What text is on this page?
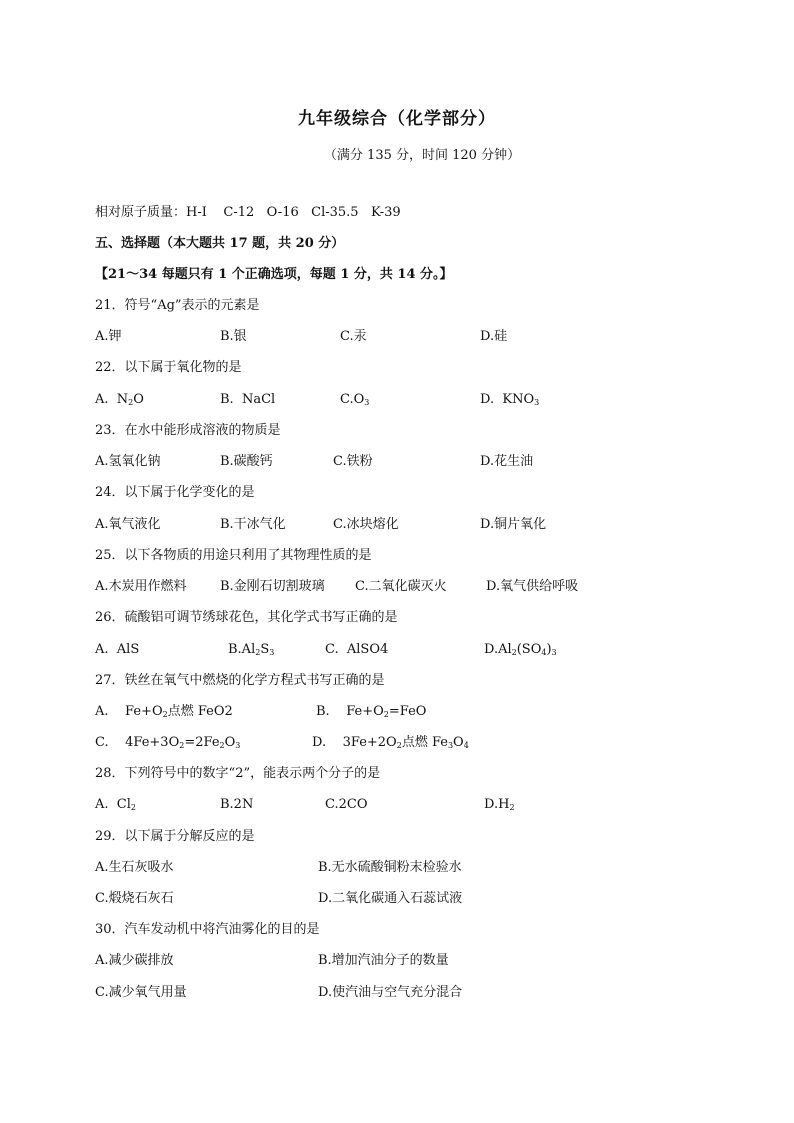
九年级综合（化学部分）
（满分 135 分，时间 120 分钟）
相对原子质量：H-I    C-12   O-16   Cl-35.5   K-39
五、选择题（本大题共 17 题，共 20 分）
【21～34 每题只有 1 个正确选项，每题 1 分，共 14 分。】
21．符号“Ag”表示的元素是
A.钾	B.银	C.汞	D.硅
22．以下属于氧化物的是
A.  $N_2O$	B.  NaCl	$C.O_3$	D.  $KNO_3$
23．在水中能形成溶液的物质是
A.氢氧化钠	B.碳酸钙	C.铁粉	D.花生油
24．以下属于化学变化的是
A.氧气液化	B.干冰气化	C.冰块熔化	D.铜片氧化
25．以下各物质的用途只利用了其物理性质的是
A.木炭用作燃料	B.金刚石切割玻璃 C.二氧化碳灭火	D.氧气供给呼吸
26．硫酸铝可调节绣球花色，其化学式书写正确的是
A.  AlS	$B.Al_2S_3$	C.  AlSO4	$D.Al_2(SO_4)_3$
27．铁丝在氧气中燃烧的化学方程式书写正确的是
A.    $Fe+O_2$点燃 FeO2	B.    $Fe+O_2=FeO$
C.    $4Fe+3O_2=2Fe_2O_3$	D.    $3Fe+2O_2$点燃 $Fe_3O_4$
28．下列符号中的数字“2”，能表示两个分子的是
A.  $Cl_2$	B.2N	C.2CO	$D.H_2$
29．以下属于分解反应的是
A.生石灰吸水	B.无水硫酸铜粉末检验水
C.煅烧石灰石	D.二氧化碳通入石蕊试液
30．汽车发动机中将汽油雾化的目的是
A.减少碳排放	B.增加汽油分子的数量
C.减少氧气用量	D.使汽油与空气充分混合
